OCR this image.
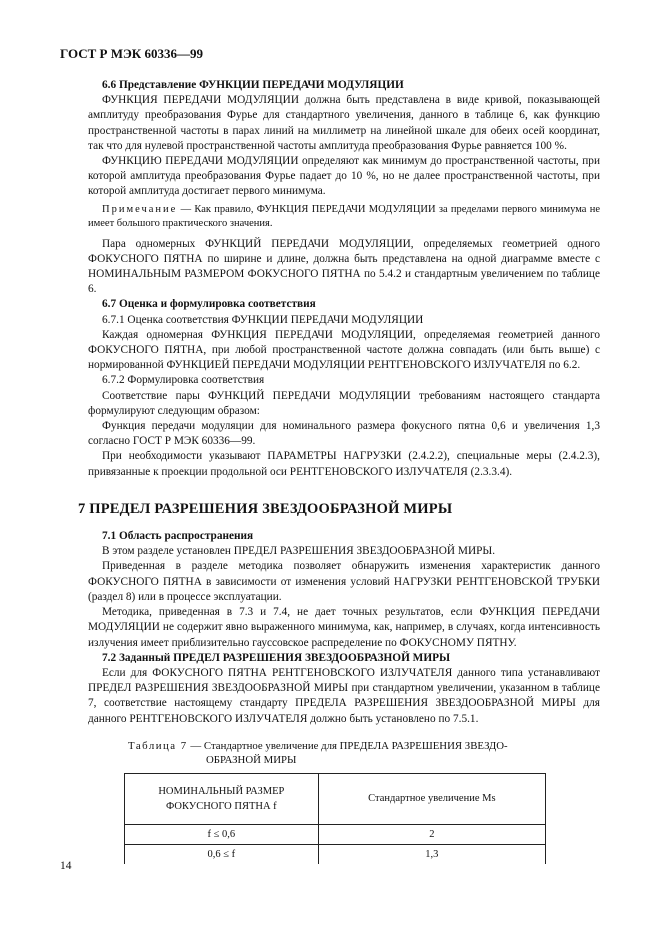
ГОСТ Р МЭК 60336—99

6.6 Представление ФУНКЦИИ ПЕРЕДАЧИ МОДУЛЯЦИИ

ФУНКЦИЯ ПЕРЕДАЧИ МОДУЛЯЦИИ должна быть представлена в виде кривой, показывающей амплитуду преобразования Фурье для стандартного увеличения, данного в таблице 6, как функцию пространственной частоты в парах линий на миллиметр на линейной шкале для обеих осей координат, так что для нулевой пространственной частоты амплитуда преобразования Фурье равняется 100 %.

ФУНКЦИЮ ПЕРЕДАЧИ МОДУЛЯЦИИ определяют как минимум до пространственной частоты, при которой амплитуда преобразования Фурье падает до 10 %, но не далее пространственной частоты, при которой амплитуда достигает первого минимума.

Примечание — Как правило, ФУНКЦИЯ ПЕРЕДАЧИ МОДУЛЯЦИИ за пределами первого минимума не имеет большого практического значения.

Пара одномерных ФУНКЦИЙ ПЕРЕДАЧИ МОДУЛЯЦИИ, определяемых геометрией одного ФОКУСНОГО ПЯТНА по ширине и длине, должна быть представлена на одной диаграмме вместе с НОМИНАЛЬНЫМ РАЗМЕРОМ ФОКУСНОГО ПЯТНА по 5.4.2 и стандартным увеличением по таблице 6.

6.7 Оценка и формулировка соответствия

6.7.1 Оценка соответствия ФУНКЦИИ ПЕРЕДАЧИ МОДУЛЯЦИИ

Каждая одномерная ФУНКЦИЯ ПЕРЕДАЧИ МОДУЛЯЦИИ, определяемая геометрией данного ФОКУСНОГО ПЯТНА, при любой пространственной частоте должна совпадать (или быть выше) с нормированной ФУНКЦИЕЙ ПЕРЕДАЧИ МОДУЛЯЦИИ РЕНТГЕНОВСКОГО ИЗЛУЧАТЕЛЯ по 6.2.

6.7.2 Формулировка соответствия

Соответствие пары ФУНКЦИЙ ПЕРЕДАЧИ МОДУЛЯЦИИ требованиям настоящего стандарта формулируют следующим образом:

Функция передачи модуляции для номинального размера фокусного пятна 0,6 и увеличения 1,3 согласно ГОСТ Р МЭК 60336—99.

При необходимости указывают ПАРАМЕТРЫ НАГРУЗКИ (2.4.2.2), специальные меры (2.4.2.3), привязанные к проекции продольной оси РЕНТГЕНОВСКОГО ИЗЛУЧАТЕЛЯ (2.3.3.4).

7 ПРЕДЕЛ РАЗРЕШЕНИЯ ЗВЕЗДООБРАЗНОЙ МИРЫ

7.1 Область распространения

В этом разделе установлен ПРЕДЕЛ РАЗРЕШЕНИЯ ЗВЕЗДООБРАЗНОЙ МИРЫ.

Приведенная в разделе методика позволяет обнаружить изменения характеристик данного ФОКУСНОГО ПЯТНА в зависимости от изменения условий НАГРУЗКИ РЕНТГЕНОВСКОЙ ТРУБКИ (раздел 8) или в процессе эксплуатации.

Методика, приведенная в 7.3 и 7.4, не дает точных результатов, если ФУНКЦИЯ ПЕРЕДАЧИ МОДУЛЯЦИИ не содержит явно выраженного минимума, как, например, в случаях, когда интенсивность излучения имеет приблизительно гауссовское распределение по ФОКУСНОМУ ПЯТНУ.

7.2 Заданный ПРЕДЕЛ РАЗРЕШЕНИЯ ЗВЕЗДООБРАЗНОЙ МИРЫ

Если для ФОКУСНОГО ПЯТНА РЕНТГЕНОВСКОГО ИЗЛУЧАТЕЛЯ данного типа устанавливают ПРЕДЕЛ РАЗРЕШЕНИЯ ЗВЕЗДООБРАЗНОЙ МИРЫ при стандартном увеличении, указанном в таблице 7, соответствие настоящему стандарту ПРЕДЕЛА РАЗРЕШЕНИЯ ЗВЕЗДООБРАЗНОЙ МИРЫ для данного РЕНТГЕНОВСКОГО ИЗЛУЧАТЕЛЯ должно быть установлено по 7.5.1.

Таблица 7 — Стандартное увеличение для ПРЕДЕЛА РАЗРЕШЕНИЯ ЗВЕЗДО-
ОБРАЗНОЙ МИРЫ
НОМИНАЛЬНЫЙ РАЗМЕР ФОКУСНОГО ПЯТНА f	Стандартное увеличение Ms
f ≤ 0,6	2
0,6 ≤ f	1,3
14
